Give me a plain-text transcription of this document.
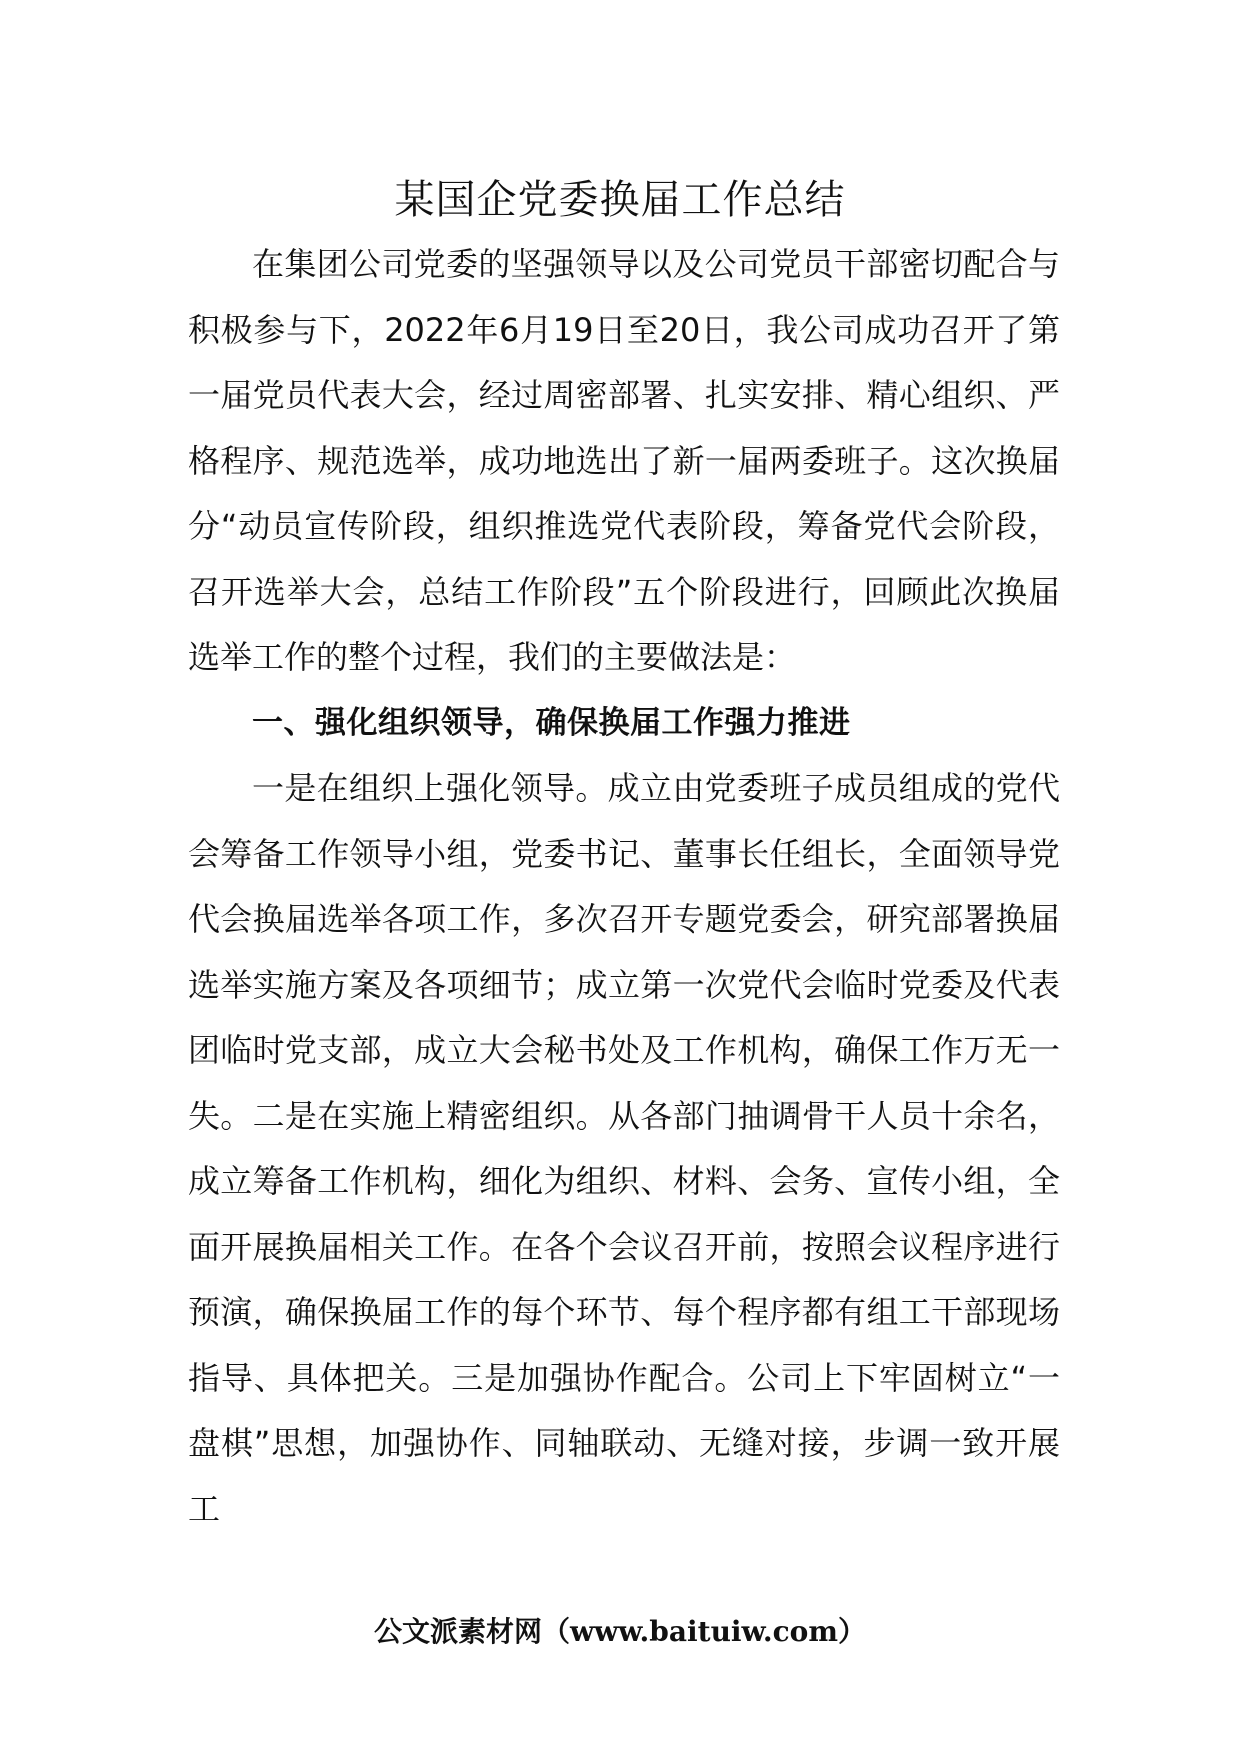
某国企党委换届工作总结

在集团公司党委的坚强领导以及公司党员干部密切配合与积极参与下，2022年6月19日至20日，我公司成功召开了第一届党员代表大会，经过周密部署、扎实安排、精心组织、严格程序、规范选举，成功地选出了新一届两委班子。这次换届分“动员宣传阶段，组织推选党代表阶段，筹备党代会阶段，召开选举大会，总结工作阶段”五个阶段进行，回顾此次换届选举工作的整个过程，我们的主要做法是：

一、强化组织领导，确保换届工作强力推进

一是在组织上强化领导。成立由党委班子成员组成的党代会筹备工作领导小组，党委书记、董事长任组长，全面领导党代会换届选举各项工作，多次召开专题党委会，研究部署换届选举实施方案及各项细节；成立第一次党代会临时党委及代表团临时党支部，成立大会秘书处及工作机构，确保工作万无一失。二是在实施上精密组织。从各部门抽调骨干人员十余名，成立筹备工作机构，细化为组织、材料、会务、宣传小组，全面开展换届相关工作。在各个会议召开前，按照会议程序进行预演，确保换届工作的每个环节、每个程序都有组工干部现场指导、具体把关。三是加强协作配合。公司上下牢固树立“一盘棋”思想，加强协作、同轴联动、无缝对接，步调一致开展工

公文派素材网（www.baituiw.com）
